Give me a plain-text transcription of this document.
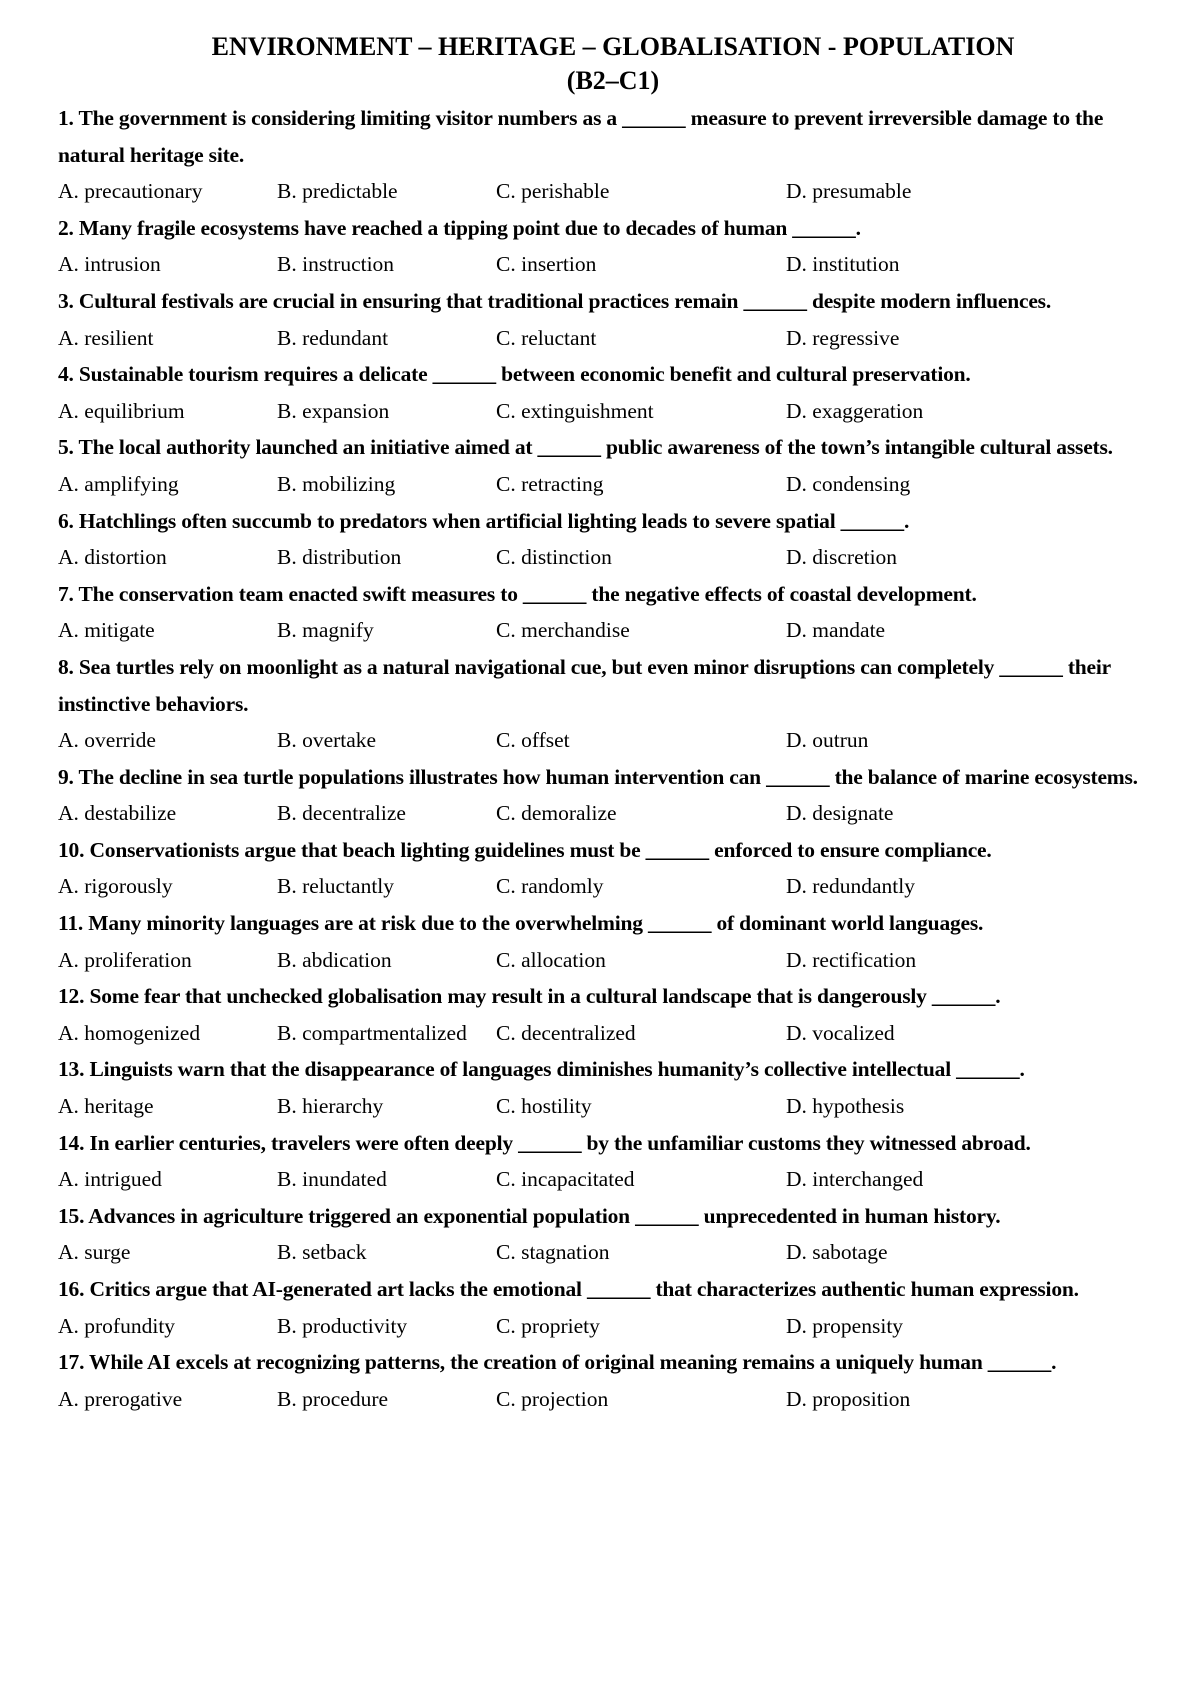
ENVIRONMENT – HERITAGE – GLOBALISATION - POPULATION
(B2–C1)
1. The government is considering limiting visitor numbers as a ______ measure to prevent irreversible damage to the natural heritage site.
A. precautionary	B. predictable	C. perishable	D. presumable
2. Many fragile ecosystems have reached a tipping point due to decades of human ______.
A. intrusion	B. instruction	C. insertion	D. institution
3. Cultural festivals are crucial in ensuring that traditional practices remain ______ despite modern influences.
A. resilient	B. redundant	C. reluctant	D. regressive
4. Sustainable tourism requires a delicate ______ between economic benefit and cultural preservation.
A. equilibrium	B. expansion	C. extinguishment	D. exaggeration
5. The local authority launched an initiative aimed at ______ public awareness of the town’s intangible cultural assets.
A. amplifying	B. mobilizing	C. retracting	D. condensing
6. Hatchlings often succumb to predators when artificial lighting leads to severe spatial ______.
A. distortion	B. distribution	C. distinction	D. discretion
7. The conservation team enacted swift measures to ______ the negative effects of coastal development.
A. mitigate	B. magnify	C. merchandise	D. mandate
8. Sea turtles rely on moonlight as a natural navigational cue, but even minor disruptions can completely ______ their instinctive behaviors.
A. override	B. overtake	C. offset	D. outrun
9. The decline in sea turtle populations illustrates how human intervention can ______ the balance of marine ecosystems.
A. destabilize	B. decentralize	C. demoralize	D. designate
10. Conservationists argue that beach lighting guidelines must be ______ enforced to ensure compliance.
A. rigorously	B. reluctantly	C. randomly	D. redundantly
11. Many minority languages are at risk due to the overwhelming ______ of dominant world languages.
A. proliferation	B. abdication	C. allocation	D. rectification
12. Some fear that unchecked globalisation may result in a cultural landscape that is dangerously ______.
A. homogenized	B. compartmentalized C. decentralized	D. vocalized
13. Linguists warn that the disappearance of languages diminishes humanity’s collective intellectual ______.
A. heritage	B. hierarchy	C. hostility	D. hypothesis
14. In earlier centuries, travelers were often deeply ______ by the unfamiliar customs they witnessed abroad.
A. intrigued	B. inundated	C. incapacitated	D. interchanged
15. Advances in agriculture triggered an exponential population ______ unprecedented in human history.
A. surge	B. setback	C. stagnation	D. sabotage
16. Critics argue that AI-generated art lacks the emotional ______ that characterizes authentic human expression.
A. profundity	B. productivity	C. propriety	D. propensity
17. While AI excels at recognizing patterns, the creation of original meaning remains a uniquely human ______.
A. prerogative	B. procedure	C. projection	D. proposition
